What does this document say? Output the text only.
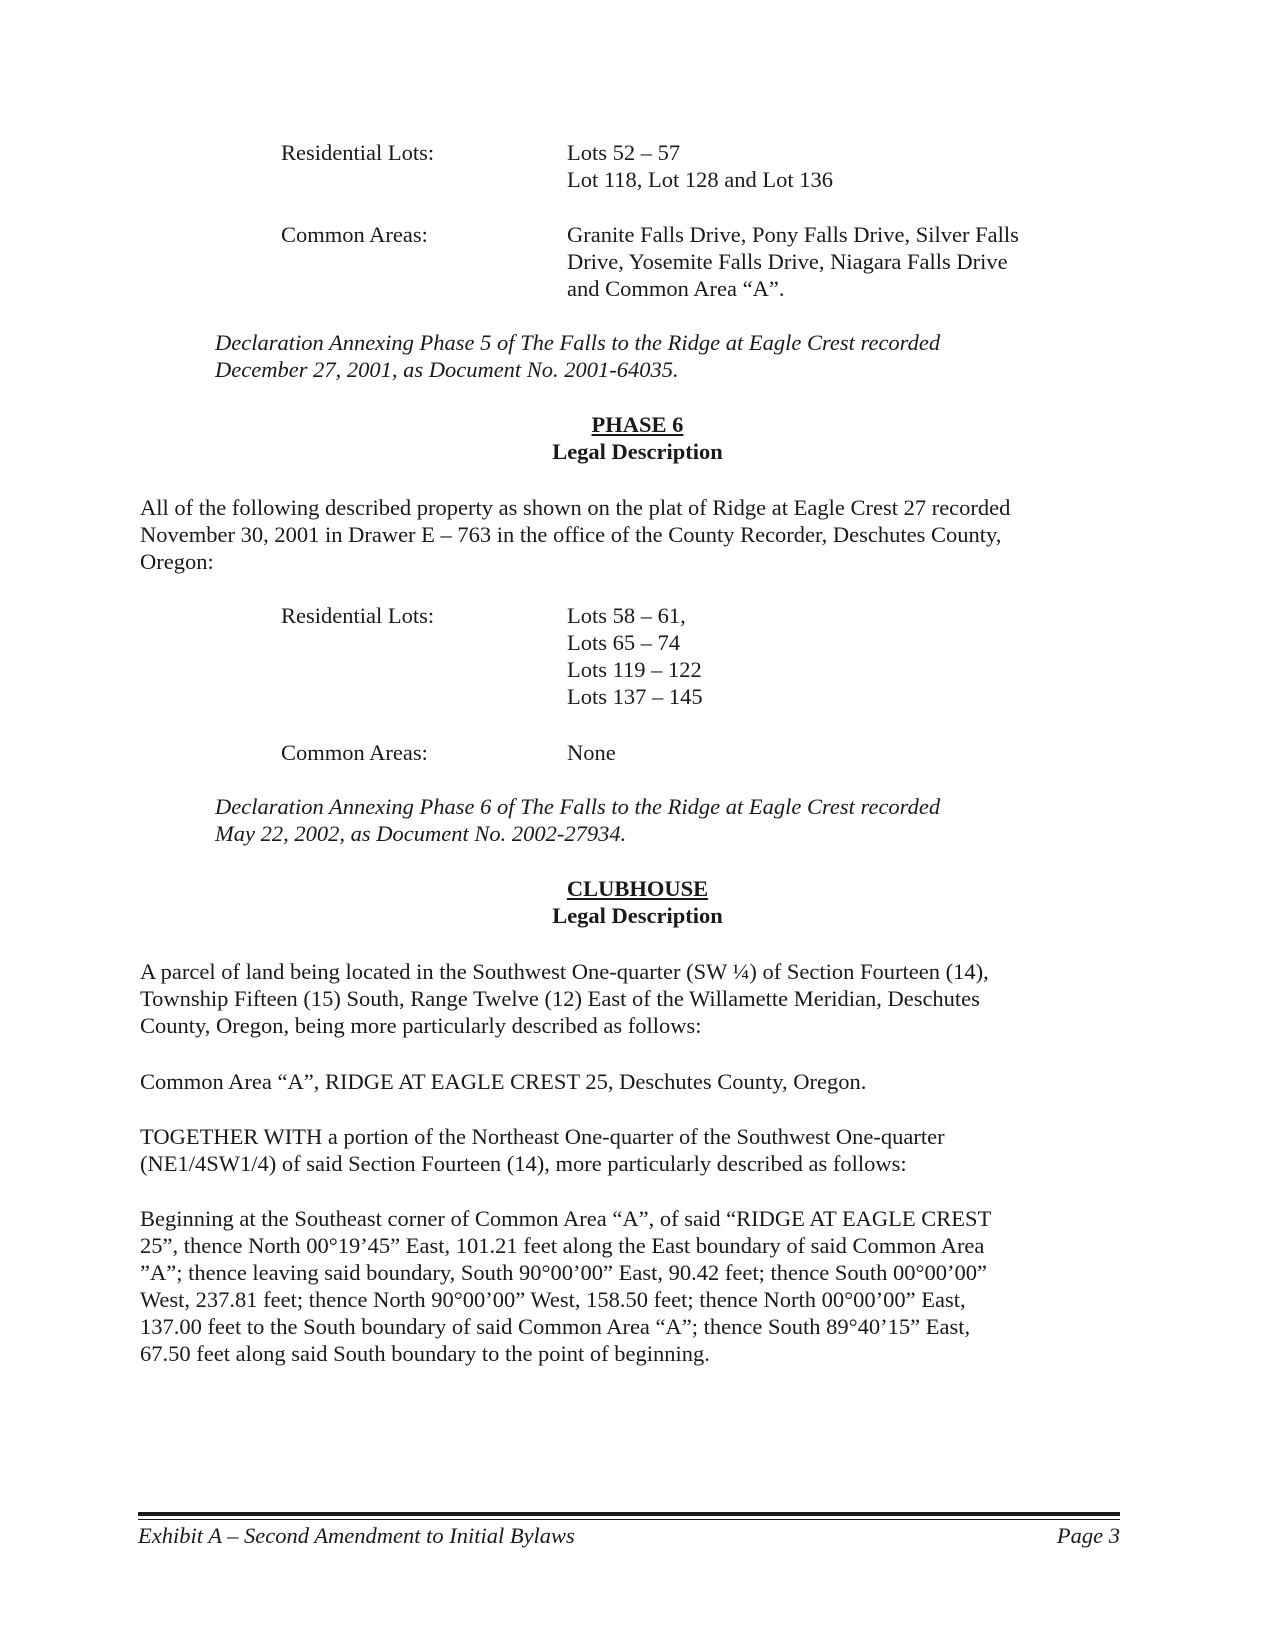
Residential Lots:	Lots 52 – 57
Lot 118, Lot 128 and Lot 136
Common Areas:	Granite Falls Drive, Pony Falls Drive, Silver Falls
Drive, Yosemite Falls Drive, Niagara Falls Drive
and Common Area “A”.
Declaration Annexing Phase 5 of The Falls to the Ridge at Eagle Crest recorded
December 27, 2001, as Document No. 2001-64035.
PHASE 6
Legal Description
All of the following described property as shown on the plat of Ridge at Eagle Crest 27 recorded
November 30, 2001 in Drawer E – 763 in the office of the County Recorder, Deschutes County,
Oregon:
Residential Lots:	Lots 58 – 61,
Lots 65 – 74
Lots 119 – 122
Lots 137 – 145
Common Areas:	None
Declaration Annexing Phase 6 of The Falls to the Ridge at Eagle Crest recorded
May 22, 2002, as Document No. 2002-27934.
CLUBHOUSE
Legal Description
A parcel of land being located in the Southwest One-quarter (SW ¼) of Section Fourteen (14),
Township Fifteen (15) South, Range Twelve (12) East of the Willamette Meridian, Deschutes
County, Oregon, being more particularly described as follows:
Common Area “A”, RIDGE AT EAGLE CREST 25, Deschutes County, Oregon.
TOGETHER WITH a portion of the Northeast One-quarter of the Southwest One-quarter
(NE1/4SW1/4) of said Section Fourteen (14), more particularly described as follows:
Beginning at the Southeast corner of Common Area “A”, of said “RIDGE AT EAGLE CREST
25”, thence North 00°19’45” East, 101.21 feet along the East boundary of said Common Area
”A”; thence leaving said boundary, South 90°00’00” East, 90.42 feet; thence South 00°00’00”
West, 237.81 feet; thence North 90°00’00” West, 158.50 feet; thence North 00°00’00” East,
137.00 feet to the South boundary of said Common Area “A”; thence South 89°40’15” East,
67.50 feet along said South boundary to the point of beginning.
Exhibit A – Second Amendment to Initial Bylaws	Page 3
